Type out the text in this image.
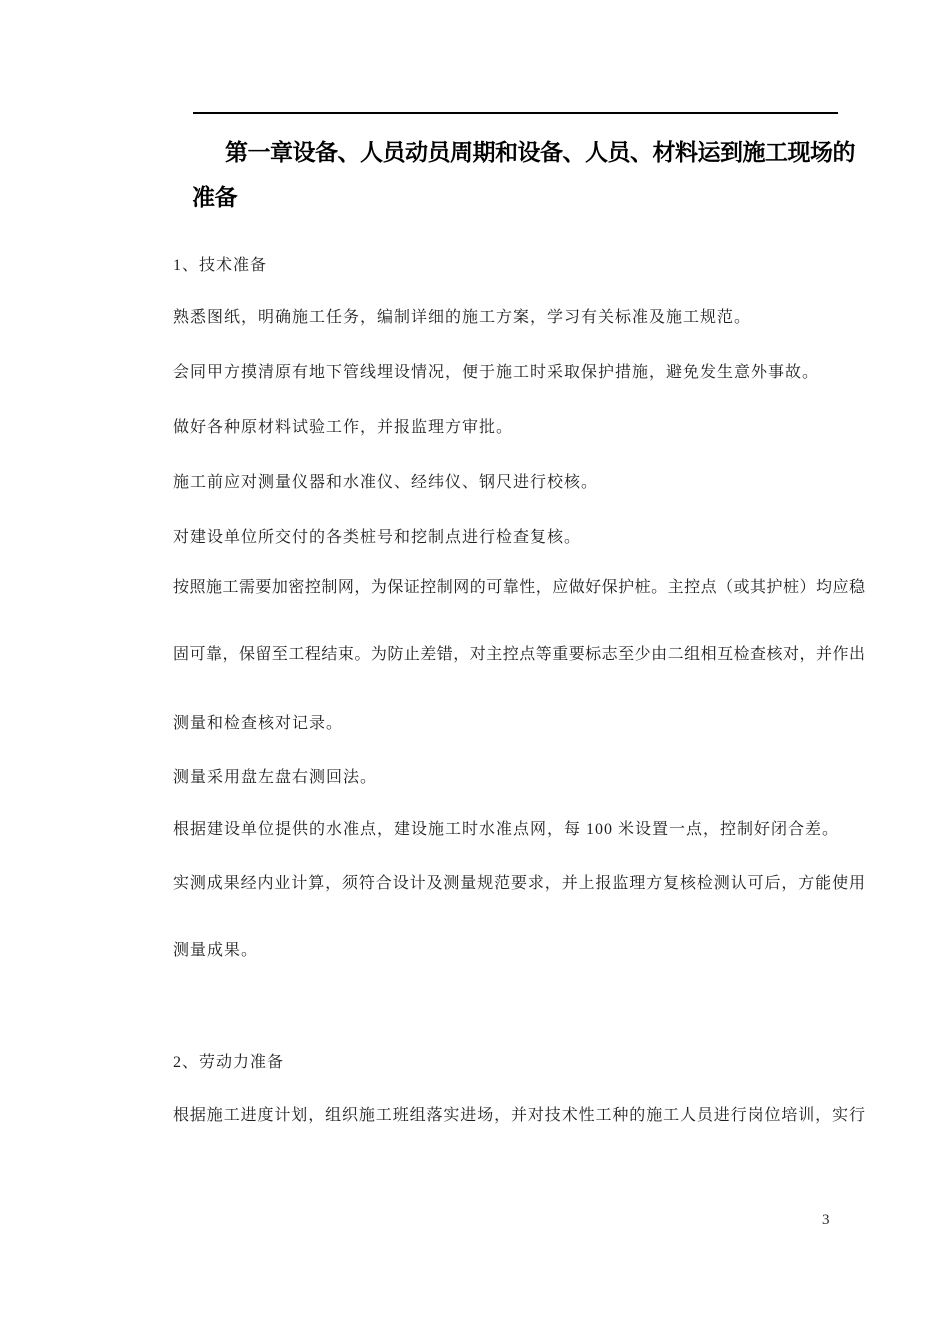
第一章设备、人员动员周期和设备、人员、材料运到施工现场的
准备
1、技术准备
熟悉图纸，明确施工任务，编制详细的施工方案，学习有关标准及施工规范。
会同甲方摸清原有地下管线埋设情况，便于施工时采取保护措施，避免发生意外事故。
做好各种原材料试验工作，并报监理方审批。
施工前应对测量仪器和水准仪、经纬仪、钢尺进行校核。
对建设单位所交付的各类桩号和挖制点进行检查复核。
按照施工需要加密控制网，为保证控制网的可靠性，应做好保护桩。主控点（或其护桩）均应稳
固可靠，保留至工程结束。为防止差错，对主控点等重要标志至少由二组相互检查核对，并作出
测量和检查核对记录。
测量采用盘左盘右测回法。
根据建设单位提供的水准点，建设施工时水准点网，每 100 米设置一点，控制好闭合差。
实测成果经内业计算，须符合设计及测量规范要求，并上报监理方复核检测认可后，方能使用
测量成果。
2、劳动力准备
根据施工进度计划，组织施工班组落实进场，并对技术性工种的施工人员进行岗位培训，实行
3
